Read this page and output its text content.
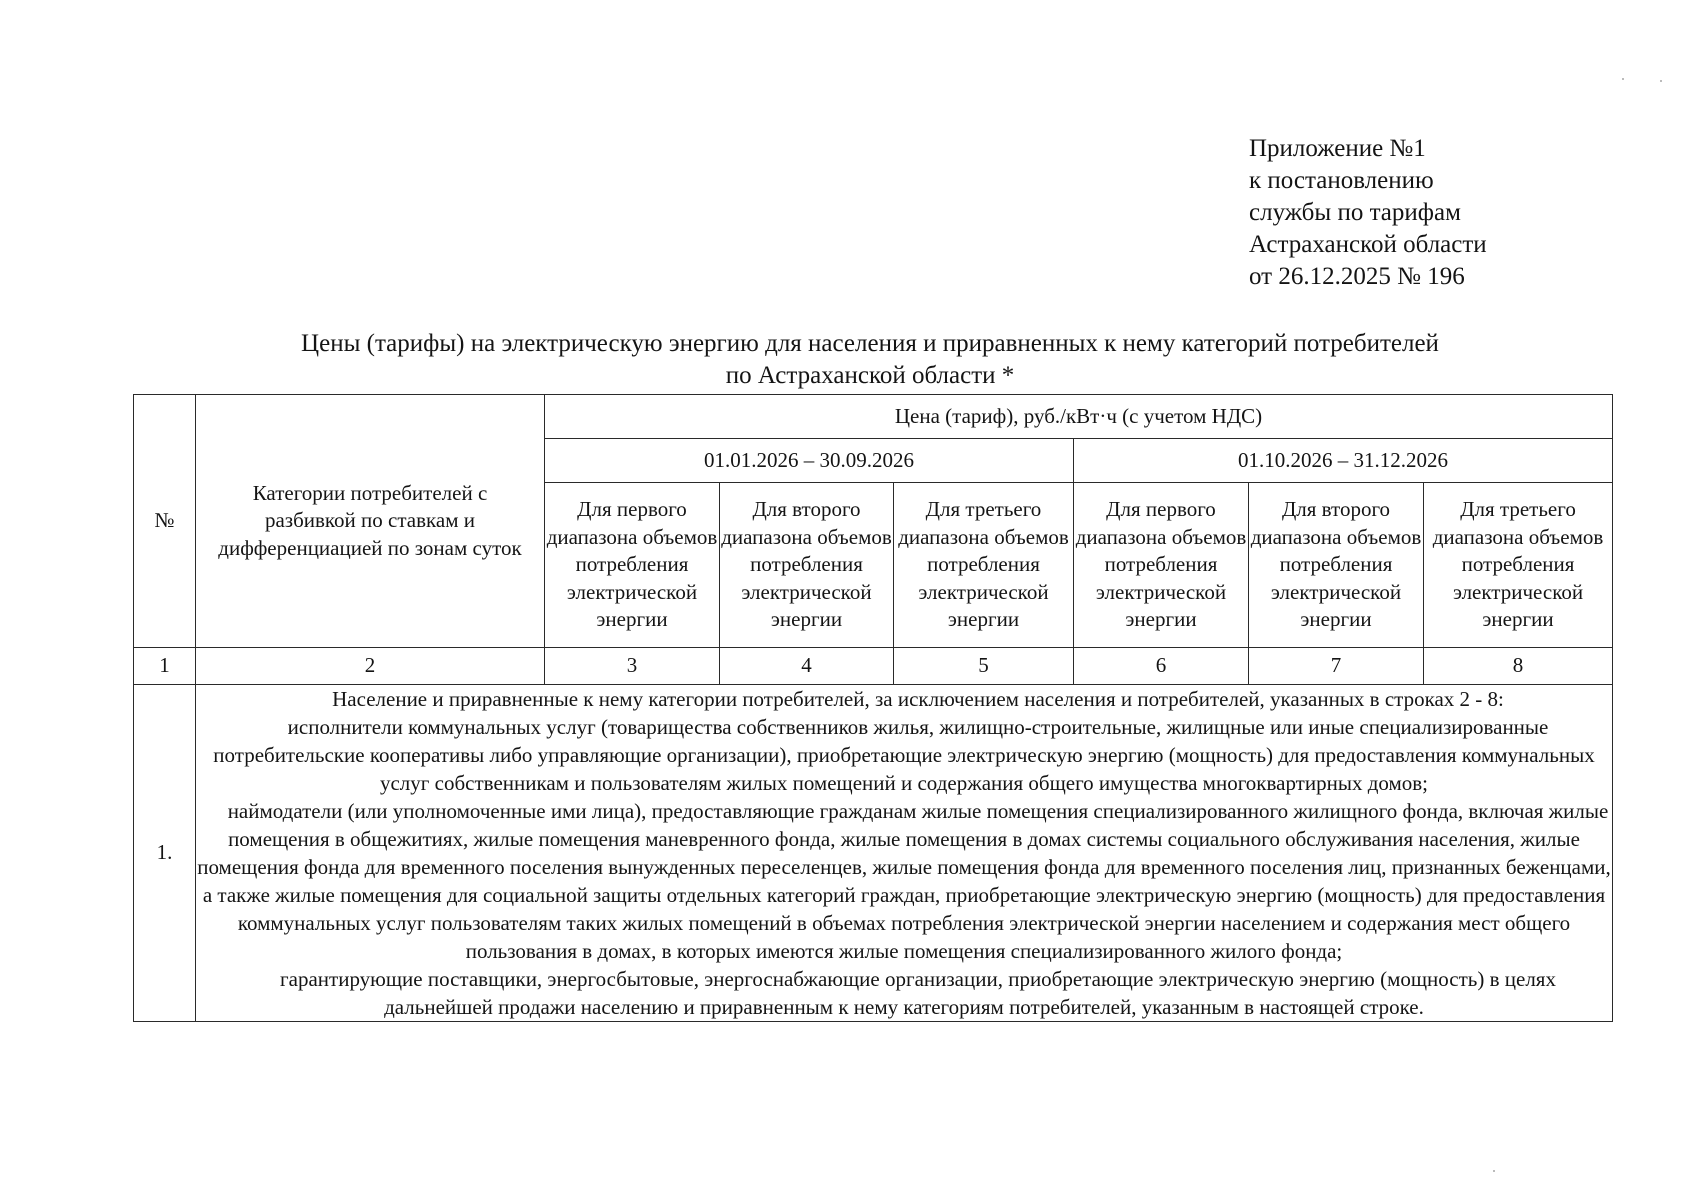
Приложение №1
к постановлению
службы по тарифам
Астраханской области
от 26.12.2025 № 196
Цены (тарифы) на электрическую энергию для населения и приравненных к нему категорий потребителей
по Астраханской области *
№	Категории потребителей с разбивкой по ставкам и дифференциацией по зонам суток	Цена (тариф), руб./кВт·ч (с учетом НДС)					
		01.01.2026 – 30.09.2026			01.10.2026 – 31.12.2026		
		Для первого диапазона объемов потребления электрической энергии	Для второго диапазона объемов потребления электрической энергии	Для третьего диапазона объемов потребления электрической энергии	Для первого диапазона объемов потребления электрической энергии	Для второго диапазона объемов потребления электрической энергии	Для третьего диапазона объемов потребления электрической энергии
1	2	3	4	5	6	7	8
1.	Население и приравненные к нему категории потребителей, за исключением населения и потребителей, указанных в строках 2 - 8:

исполнители коммунальных услуг (товарищества собственников жилья, жилищно-строительные, жилищные или иные специализированные потребительские кооперативы либо управляющие организации), приобретающие электрическую энергию (мощность) для предоставления коммунальных услуг собственникам и пользователям жилых помещений и содержания общего имущества многоквартирных домов;

наймодатели (или уполномоченные ими лица), предоставляющие гражданам жилые помещения специализированного жилищного фонда, включая жилые помещения в общежитиях, жилые помещения маневренного фонда, жилые помещения в домах системы социального обслуживания населения, жилые помещения фонда для временного поселения вынужденных переселенцев, жилые помещения фонда для временного поселения лиц, признанных беженцами, а также жилые помещения для социальной защиты отдельных категорий граждан, приобретающие электрическую энергию (мощность) для предоставления коммунальных услуг пользователям таких жилых помещений в объемах потребления электрической энергии населением и содержания мест общего пользования в домах, в которых имеются жилые помещения специализированного жилого фонда;

гарантирующие поставщики, энергосбытовые, энергоснабжающие организации, приобретающие электрическую энергию (мощность) в целях дальнейшей продажи населению и приравненным к нему категориям потребителей, указанным в настоящей строке.						
